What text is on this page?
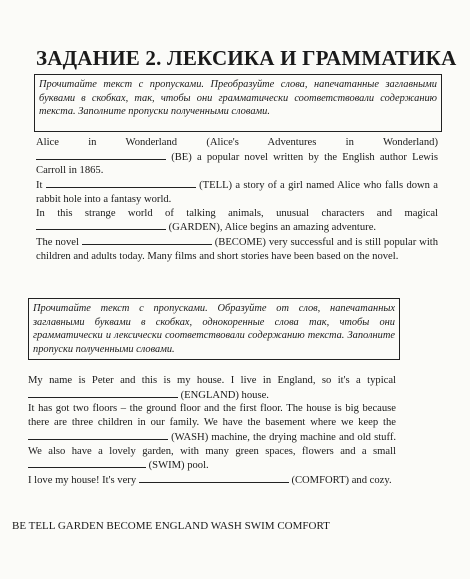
ЗАДАНИЕ 2. ЛЕКСИКА И ГРАММАТИКА
Прочитайте текст с пропусками. Преобразуйте слова, напечатанные заглавными буквами в скобках, так, чтобы они грамматически соответствовали содержанию текста. Заполните пропуски полученными словами.

Alice in Wonderland (Alice's Adventures in Wonderland)

(BE) a popular novel written by the English author Lewis Carroll in 1865.

It	(TELL) a story of a girl named Alice who falls down a rabbit hole into a fantasy world.

In this strange world of talking animals, unusual characters and magical  (GARDEN), Alice begins an amazing adventure.

The novel	(BECOME) very successful and is still popular with children and adults today. Many films and short stories have been based on the novel.

Прочитайте текст с пропусками. Образуйте от слов, напечатанных заглавными буквами в скобках, однокоренные слова так, чтобы они грамматически и лексически соответствовали содержанию текста. Заполните пропуски полученными словами.

My name is Peter and this is my house. I live in England, so it's a typical  (ENGLAND) house.

It has got two floors – the ground floor and the first floor. The house is big because there are three children in our family. We have the basement where we keep the  (WASH) machine, the drying machine and old stuff. We also have a lovely garden, with many green spaces, flowers and a small  (SWIM) pool.

I love my house! It's very	(COMFORT) and cozy.

BE TELL GARDEN BECOME ENGLAND WASH SWIM COMFORT
